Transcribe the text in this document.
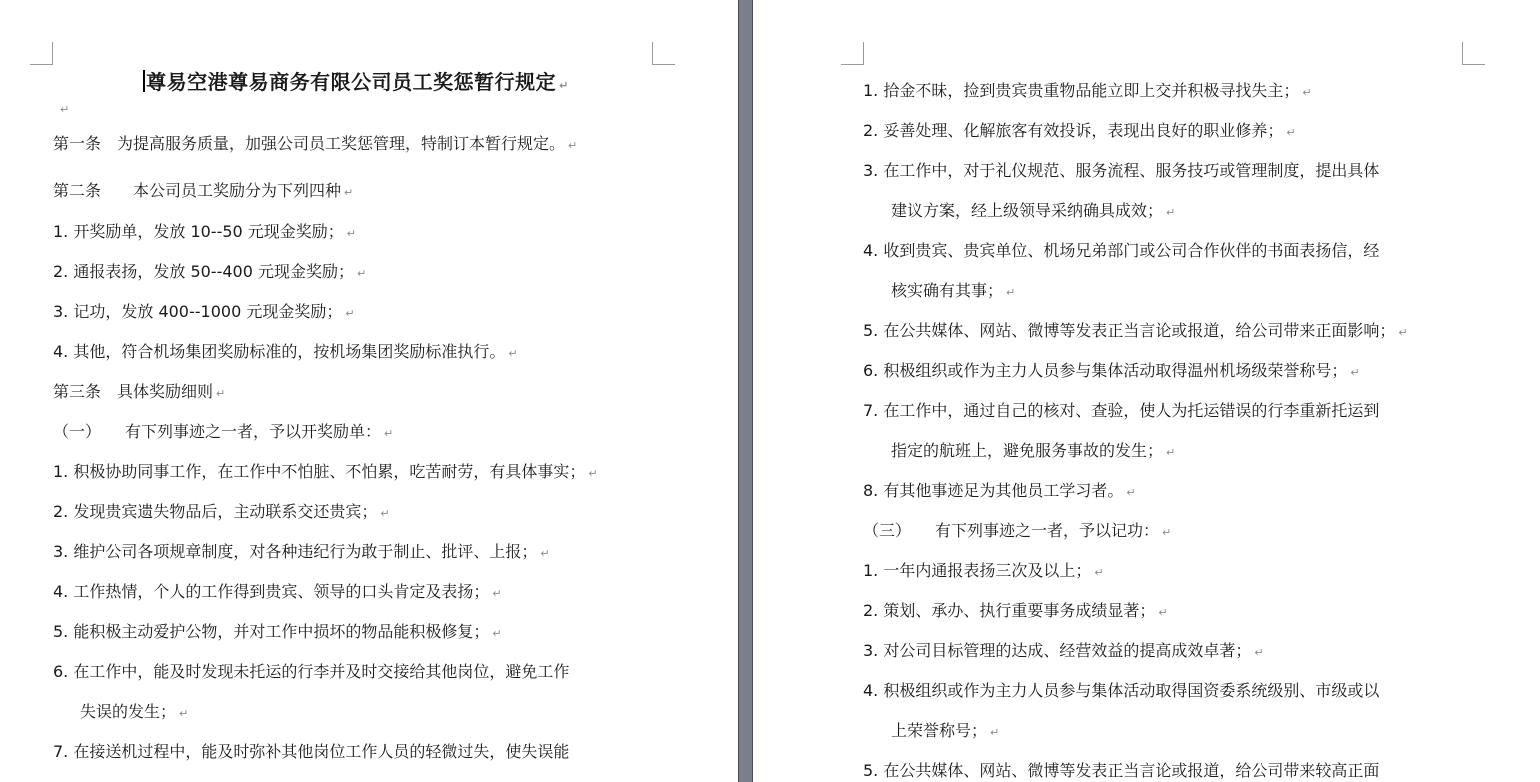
尊易空港尊易商务有限公司员工奖惩暂行规定 ↵
↵
第一条　为提高服务质量，加强公司员工奖惩管理，特制订本暂行规定。 ↵
第二条　　本公司员工奖励分为下列四种 ↵
1. 开奖励单，发放 10--50 元现金奖励； ↵
2. 通报表扬，发放 50--400 元现金奖励； ↵
3. 记功，发放 400--1000 元现金奖励； ↵
4. 其他，符合机场集团奖励标准的，按机场集团奖励标准执行。 ↵
第三条　具体奖励细则 ↵
（一）　　有下列事迹之一者，予以开奖励单： ↵
1. 积极协助同事工作，在工作中不怕脏、不怕累，吃苦耐劳，有具体事实； ↵
2. 发现贵宾遗失物品后，主动联系交还贵宾； ↵
3. 维护公司各项规章制度，对各种违纪行为敢于制止、批评、上报； ↵
4. 工作热情，个人的工作得到贵宾、领导的口头肯定及表扬； ↵
5. 能积极主动爱护公物，并对工作中损坏的物品能积极修复； ↵
6. 在工作中，能及时发现未托运的行李并及时交接给其他岗位，避免工作
失误的发生； ↵
7. 在接送机过程中，能及时弥补其他岗位工作人员的轻微过失，使失误能
1. 拾金不昧，捡到贵宾贵重物品能立即上交并积极寻找失主； ↵
2. 妥善处理、化解旅客有效投诉，表现出良好的职业修养； ↵
3. 在工作中，对于礼仪规范、服务流程、服务技巧或管理制度，提出具体
建议方案，经上级领导采纳确具成效； ↵
4. 收到贵宾、贵宾单位、机场兄弟部门或公司合作伙伴的书面表扬信，经
核实确有其事； ↵
5. 在公共媒体、网站、微博等发表正当言论或报道，给公司带来正面影响； ↵
6. 积极组织或作为主力人员参与集体活动取得温州机场级荣誉称号； ↵
7. 在工作中，通过自己的核对、查验，使人为托运错误的行李重新托运到
指定的航班上，避免服务事故的发生； ↵
8. 有其他事迹足为其他员工学习者。 ↵
（三）　　有下列事迹之一者，予以记功： ↵
1. 一年内通报表扬三次及以上； ↵
2. 策划、承办、执行重要事务成绩显著； ↵
3. 对公司目标管理的达成、经营效益的提高成效卓著； ↵
4. 积极组织或作为主力人员参与集体活动取得国资委系统级别、市级或以
上荣誉称号； ↵
5. 在公共媒体、网站、微博等发表正当言论或报道，给公司带来较高正面
